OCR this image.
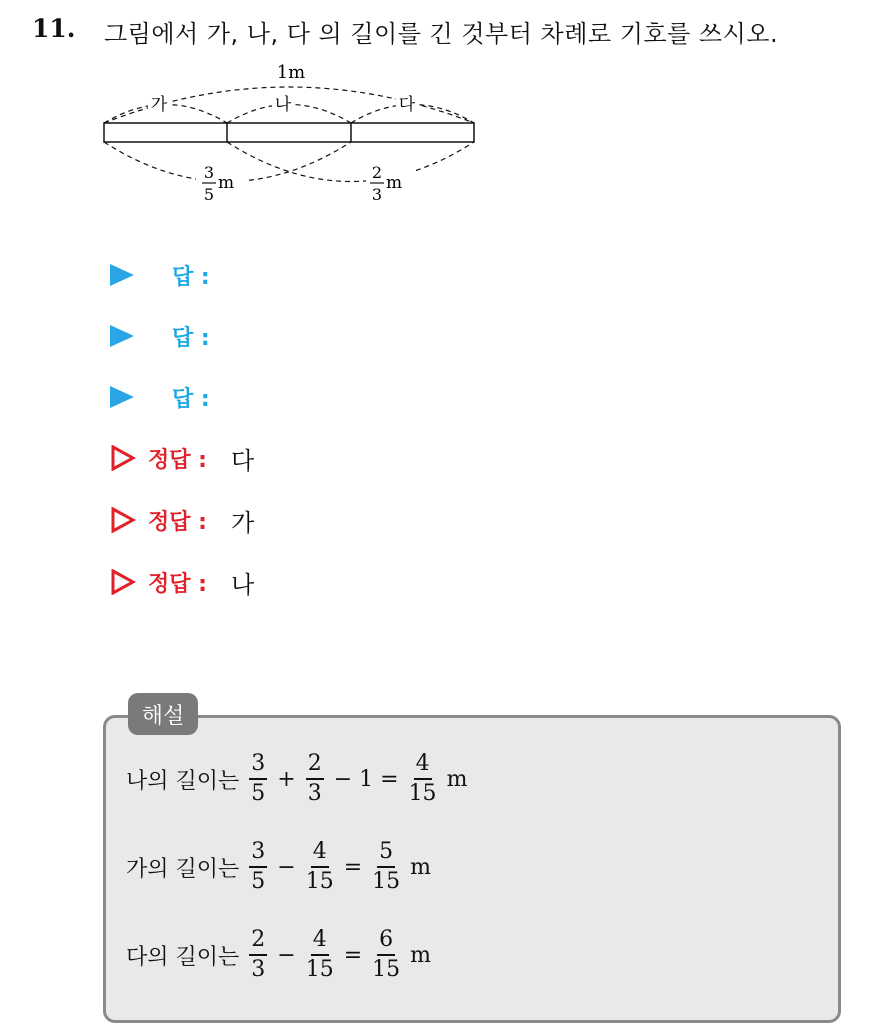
11. 그림에서 가, 나, 다 의 길이를 긴 것부터 차례로 기호를 쓰시오.
1m
가	나	다
3
5
m
2
3
m
답 :
답 :
답 :
정답 : 다
정답 : 가
정답 : 나
해설
나의 길이는 $\frac{3}{5} + \frac{2}{3} - 1 = \frac{4}{15}$ m
가의 길이는 $\frac{3}{5} - \frac{4}{15} = \frac{5}{15}$ m
다의 길이는 $\frac{2}{3} - \frac{4}{15} = \frac{6}{15}$ m
